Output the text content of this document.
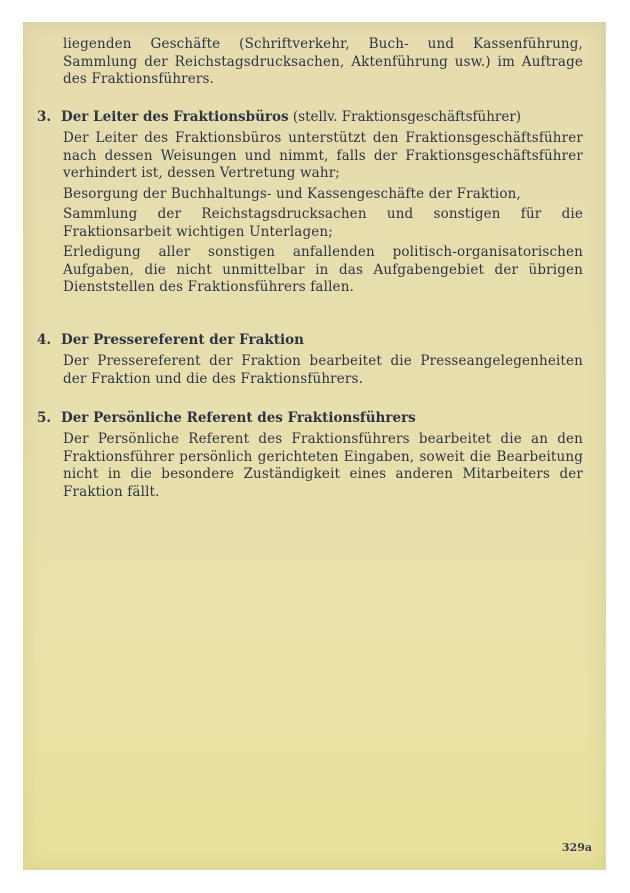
liegenden Geschäfte (Schriftverkehr, Buch- und Kassenführung, Sammlung der Reichstagsdrucksachen, Aktenführung usw.) im Auftrage des Fraktionsführers.
3. Der Leiter des Fraktionsbüros (stellv. Fraktionsgeschäftsführer)
Der Leiter des Fraktionsbüros unterstützt den Fraktionsgeschäftsführer nach dessen Weisungen und nimmt, falls der Fraktionsgeschäftsführer verhindert ist, dessen Vertretung wahr;
Besorgung der Buchhaltungs- und Kassengeschäfte der Fraktion,
Sammlung der Reichstagsdrucksachen und sonstigen für die Fraktionsarbeit wichtigen Unterlagen;
Erledigung aller sonstigen anfallenden politisch-organisatorischen Aufgaben, die nicht unmittelbar in das Aufgabengebiet der übrigen Dienststellen des Fraktionsführers fallen.
4. Der Pressereferent der Fraktion
Der Pressereferent der Fraktion bearbeitet die Presseangelegenheiten der Fraktion und die des Fraktionsführers.
5. Der Persönliche Referent des Fraktionsführers
Der Persönliche Referent des Fraktionsführers bearbeitet die an den Fraktionsführer persönlich gerichteten Eingaben, soweit die Bearbeitung nicht in die besondere Zuständigkeit eines anderen Mitarbeiters der Fraktion fällt.
329a
